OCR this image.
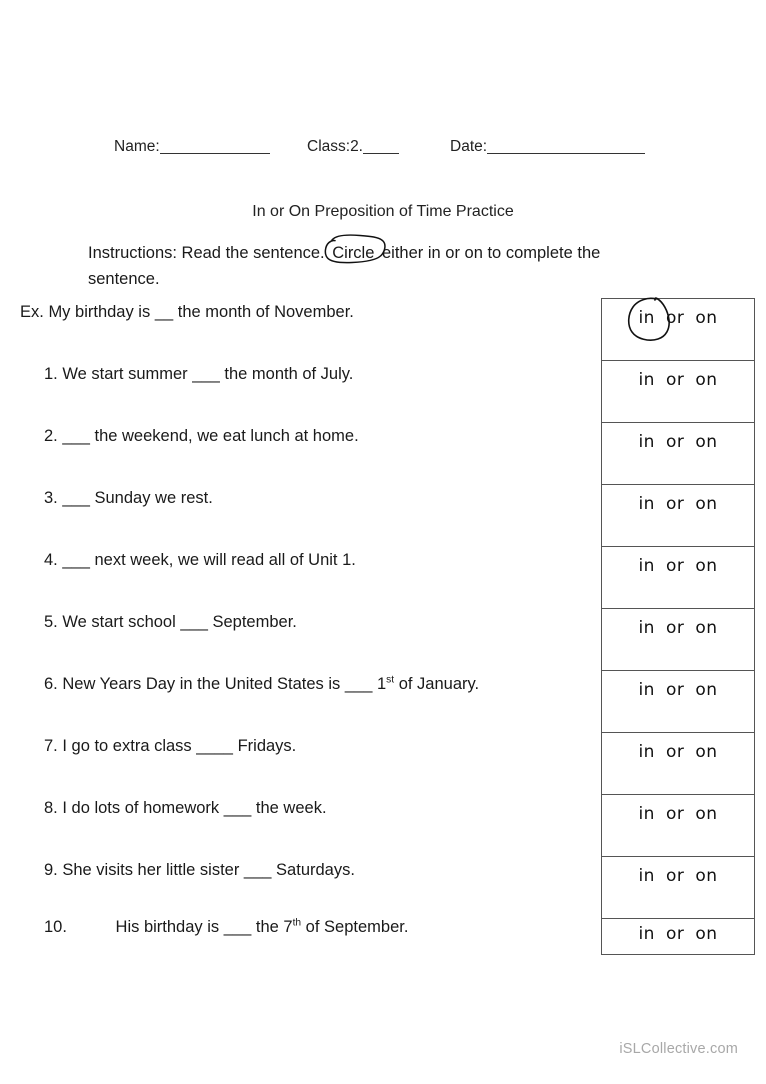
Name:	Class:2.	Date:
In or On Preposition of Time Practice
Instructions: Read the sentence. Circle either in or on to complete the sentence.
Ex. My birthday is __ the month of November.
1. We start summer ___ the month of July.
2. ___ the weekend, we eat lunch at home.
3. ___ Sunday we rest.
4. ___ next week, we will read all of Unit 1.
5. We start school ___ September.
6. New Years Day in the United States is ___ 1st of January.
7. I go to extra class ____ Fridays.
8. I do lots of homework ___ the week.
9. She visits her little sister ___ Saturdays.
10.	His birthday is ___ the 7th of September.
in or on
in or on
in or on
in or on
in or on
in or on
in or on
in or on
in or on
in or on
in or on
iSLCollective.com
